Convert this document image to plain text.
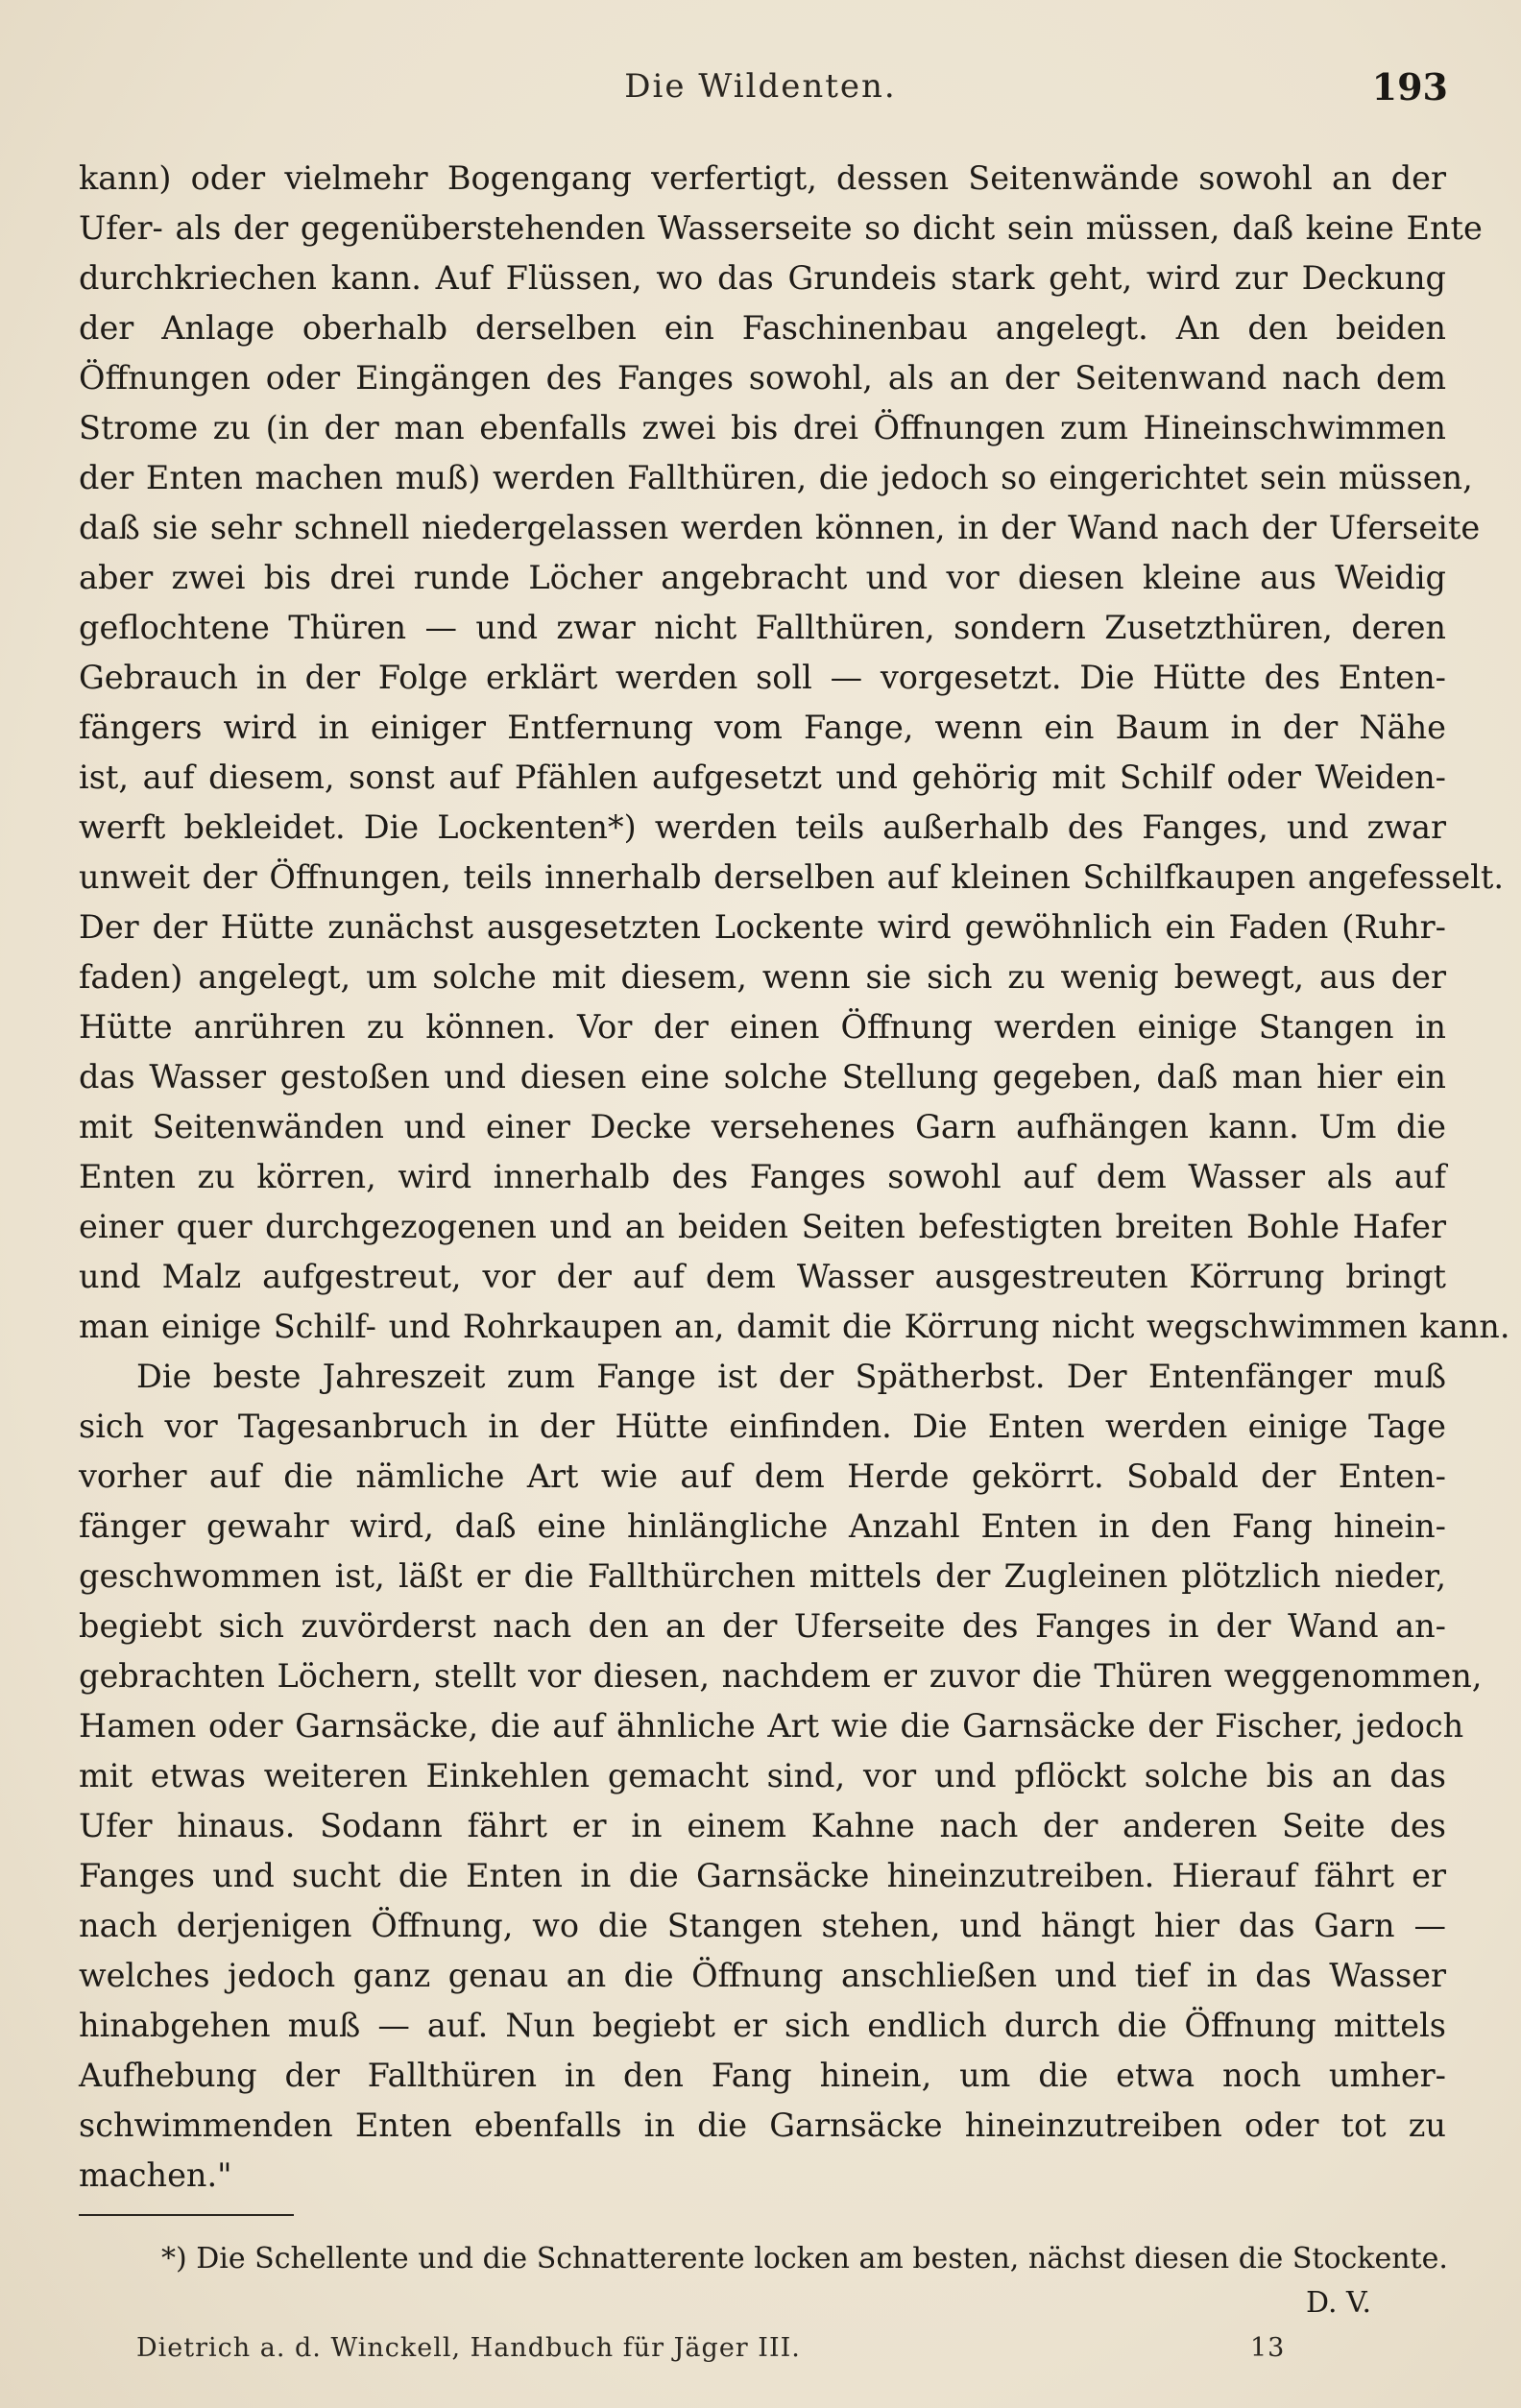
Die Wildenten.	193
kann) oder vielmehr Bogengang verfertigt, dessen Seitenwände sowohl an der
Ufer- als der gegenüberstehenden Wasserseite so dicht sein müssen, daß keine Ente
durchkriechen kann. Auf Flüssen, wo das Grundeis stark geht, wird zur Deckung
der Anlage oberhalb derselben ein Faschinenbau angelegt. An den beiden
Öffnungen oder Eingängen des Fanges sowohl, als an der Seitenwand nach dem
Strome zu (in der man ebenfalls zwei bis drei Öffnungen zum Hineinschwimmen
der Enten machen muß) werden Fallthüren, die jedoch so eingerichtet sein müssen,
daß sie sehr schnell niedergelassen werden können, in der Wand nach der Uferseite
aber zwei bis drei runde Löcher angebracht und vor diesen kleine aus Weidig
geflochtene Thüren — und zwar nicht Fallthüren, sondern Zusetzthüren, deren
Gebrauch in der Folge erklärt werden soll — vorgesetzt. Die Hütte des Enten-
fängers wird in einiger Entfernung vom Fange, wenn ein Baum in der Nähe
ist, auf diesem, sonst auf Pfählen aufgesetzt und gehörig mit Schilf oder Weiden-
werft bekleidet. Die Lockenten*) werden teils außerhalb des Fanges, und zwar
unweit der Öffnungen, teils innerhalb derselben auf kleinen Schilfkaupen angefesselt.
Der der Hütte zunächst ausgesetzten Lockente wird gewöhnlich ein Faden (Ruhr-
faden) angelegt, um solche mit diesem, wenn sie sich zu wenig bewegt, aus der
Hütte anrühren zu können. Vor der einen Öffnung werden einige Stangen in
das Wasser gestoßen und diesen eine solche Stellung gegeben, daß man hier ein
mit Seitenwänden und einer Decke versehenes Garn aufhängen kann. Um die
Enten zu körren, wird innerhalb des Fanges sowohl auf dem Wasser als auf
einer quer durchgezogenen und an beiden Seiten befestigten breiten Bohle Hafer
und Malz aufgestreut, vor der auf dem Wasser ausgestreuten Körrung bringt
man einige Schilf- und Rohrkaupen an, damit die Körrung nicht wegschwimmen kann.
Die beste Jahreszeit zum Fange ist der Spätherbst. Der Entenfänger muß
sich vor Tagesanbruch in der Hütte einfinden. Die Enten werden einige Tage
vorher auf die nämliche Art wie auf dem Herde gekörrt. Sobald der Enten-
fänger gewahr wird, daß eine hinlängliche Anzahl Enten in den Fang hinein-
geschwommen ist, läßt er die Fallthürchen mittels der Zugleinen plötzlich nieder,
begiebt sich zuvörderst nach den an der Uferseite des Fanges in der Wand an-
gebrachten Löchern, stellt vor diesen, nachdem er zuvor die Thüren weggenommen,
Hamen oder Garnsäcke, die auf ähnliche Art wie die Garnsäcke der Fischer, jedoch
mit etwas weiteren Einkehlen gemacht sind, vor und pflöckt solche bis an das
Ufer hinaus. Sodann fährt er in einem Kahne nach der anderen Seite des
Fanges und sucht die Enten in die Garnsäcke hineinzutreiben. Hierauf fährt er
nach derjenigen Öffnung, wo die Stangen stehen, und hängt hier das Garn —
welches jedoch ganz genau an die Öffnung anschließen und tief in das Wasser
hinabgehen muß — auf. Nun begiebt er sich endlich durch die Öffnung mittels
Aufhebung der Fallthüren in den Fang hinein, um die etwa noch umher-
schwimmenden Enten ebenfalls in die Garnsäcke hineinzutreiben oder tot zu
machen."
*) Die Schellente und die Schnatterente locken am besten, nächst diesen die Stockente.
D. V.
Dietrich a. d. Winckell, Handbuch für Jäger III.	13
